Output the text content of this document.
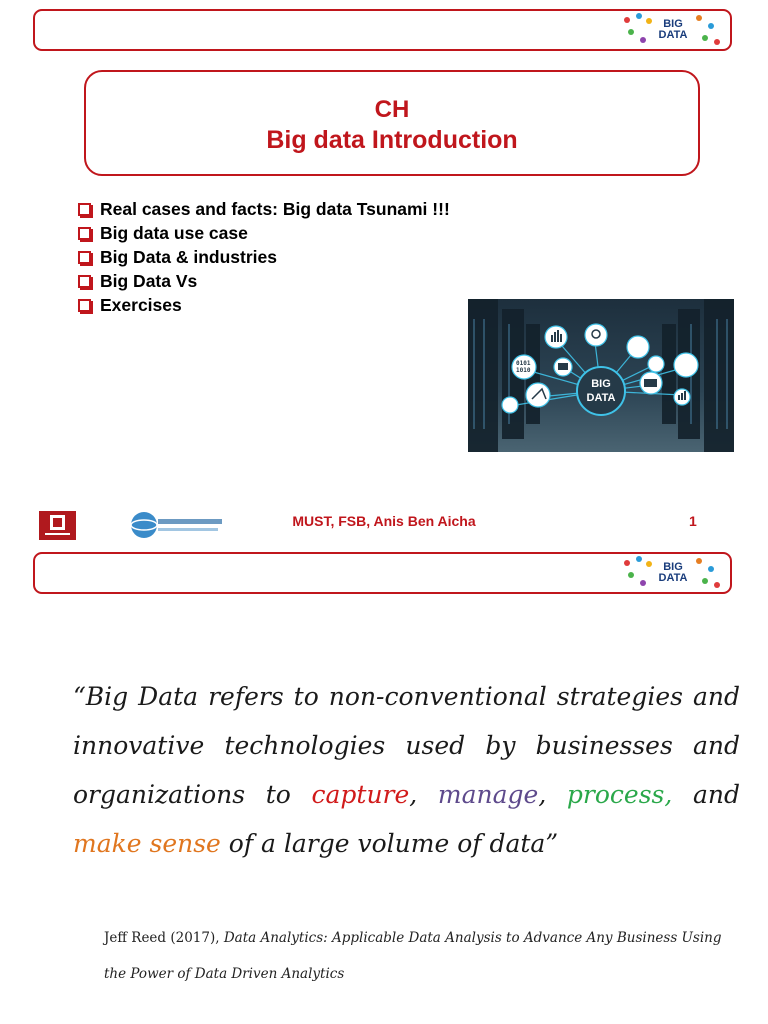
BIG
DATA
CH
Big data Introduction
Real cases and facts: Big data Tsunami !!!
Big data use case
Big Data & industries
Big Data Vs
Exercises
BIG
DATA
0101
1010
MUST, FSB, Anis Ben Aicha	1
BIG
DATA
“Big Data refers to non-conventional strategies and innovative technologies used by businesses and organizations to capture, manage, process, and make sense of a large volume of data”
Jeff Reed (2017), Data Analytics: Applicable Data Analysis to Advance Any Business Using the Power of Data Driven Analytics
